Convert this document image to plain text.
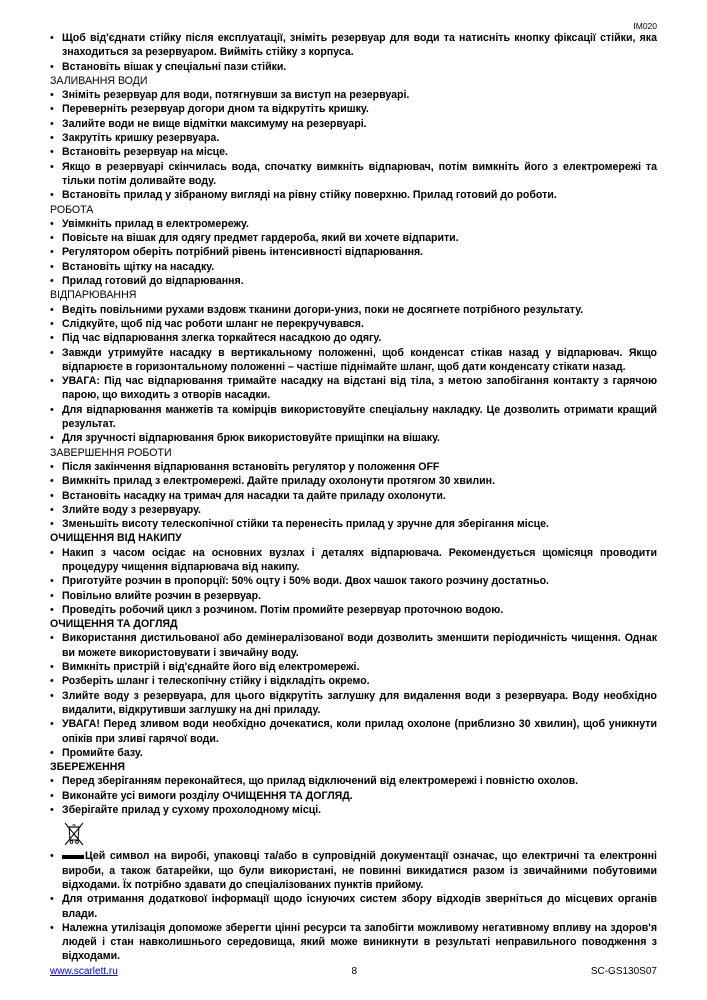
IM020
• Щоб від'єднати стійку після експлуатації, зніміть резервуар для води та натисніть кнопку фіксації стійки, яка знаходиться за резервуаром. Вийміть стійку з корпуса.
• Встановіть вішак у спеціальні пази стійки.
ЗАЛИВАННЯ ВОДИ
• Зніміть резервуар для води, потягнувши за виступ на резервуарі.
• Переверніть резервуар догори дном та відкрутіть кришку.
• Залийте води не вище відмітки максимуму на резервуарі.
• Закрутіть кришку резервуара.
• Встановіть резервуар на місце.
• Якщо в резервуарі скінчилась вода, спочатку вимкніть відпарювач, потім вимкніть його з електромережі та тільки потім доливайте воду.
• Встановіть прилад у зібраному вигляді на рівну стійку поверхню. Прилад готовий до роботи.
РОБОТА
• Увімкніть прилад в електромережу.
• Повісьте на вішак для одягу предмет гардероба, який ви хочете відпарити.
• Регулятором оберіть потрібний рівень інтенсивності відпарювання.
• Встановіть щітку на насадку.
• Прилад готовий до відпарювання.
ВІДПАРЮВАННЯ
• Ведіть повільними рухами вздовж тканини догори-униз, поки не досягнете потрібного результату.
• Слідкуйте, щоб під час роботи шланг не перекручувався.
• Під час відпарювання злегка торкайтеся насадкою до одягу.
• Завжди утримуйте насадку в вертикальному положенні, щоб конденсат стікав назад у відпарювач. Якщо відпарюєте в горизонтальному положенні – частіше піднімайте шланг, щоб дати конденсату стікати назад.
• УВАГА: Під час відпарювання тримайте насадку на відстані від тіла, з метою запобігання контакту з гарячою парою, що виходить з отворів насадки.
• Для відпарювання манжетів та комірців використовуйте спеціальну накладку. Це дозволить отримати кращий результат.
• Для зручності відпарювання брюк використовуйте прищіпки на вішаку.
ЗАВЕРШЕННЯ РОБОТИ
• Після закінчення відпарювання встановіть регулятор у положення OFF
• Вимкніть прилад з електромережі. Дайте приладу охолонути протягом 30 хвилин.
• Встановіть насадку на тримач для насадки та дайте приладу охолонути.
• Злийте воду з резервуару.
• Зменьшіть висоту телескопічної стійки та перенесіть прилад у зручне для зберігання місце.
ОЧИЩЕННЯ ВІД НАКИПУ
• Накип з часом осідає на основних вузлах і деталях відпарювача. Рекомендується щомісяця проводити процедуру чищення відпарювача від накипу.
• Приготуйте розчин в пропорції: 50% оцту і 50% води. Двох чашок такого розчину достатньо.
• Повільно влийте розчин в резервуар.
• Проведіть робочий цикл з розчином. Потім промийте резервуар проточною водою.
ОЧИЩЕННЯ ТА ДОГЛЯД
• Використання дистильованої або демінералізованої води дозволить зменшити періодичність чищення. Однак ви можете використовувати і звичайну воду.
• Вимкніть пристрій і від'єднайте його від електромережі.
• Розберіть шланг і телескопічну стійку і відкладіть окремо.
• Злийте воду з резервуара, для цього відкрутіть заглушку для видалення води з резервуара. Воду необхідно видалити, відкрутивши заглушку на дні приладу.
• УВАГА! Перед зливом води необхідно дочекатися, коли прилад охолоне (приблизно 30 хвилин), щоб уникнути опіків при зливі гарячої води.
• Промийте базу.
ЗБЕРЕЖЕННЯ
• Перед зберіганням переконайтеся, що прилад відключений від електромережі і повністю охолов.
• Виконайте усі вимоги розділу ОЧИЩЕННЯ ТА ДОГЛЯД.
• Зберігайте прилад у сухому прохолодному місці.
• Цей символ на виробі, упаковці та/або в супровідній документації означає, що електричні та електронні вироби, а також батарейки, що були використані, не повинні викидатися разом із звичайними побутовими відходами. Їх потрібно здавати до спеціалізованих пунктів прийому.
• Для отримання додаткової інформації щодо існуючих систем збору відходів зверніться до місцевих органів влади.
• Належна утилізація допоможе зберегти цінні ресурси та запобігти можливому негативному впливу на здоров'я людей і стан навколишнього середовища, який може виникнути в результаті неправильного поводження з відходами.
www.scarlett.ru	8	SC-GS130S07
